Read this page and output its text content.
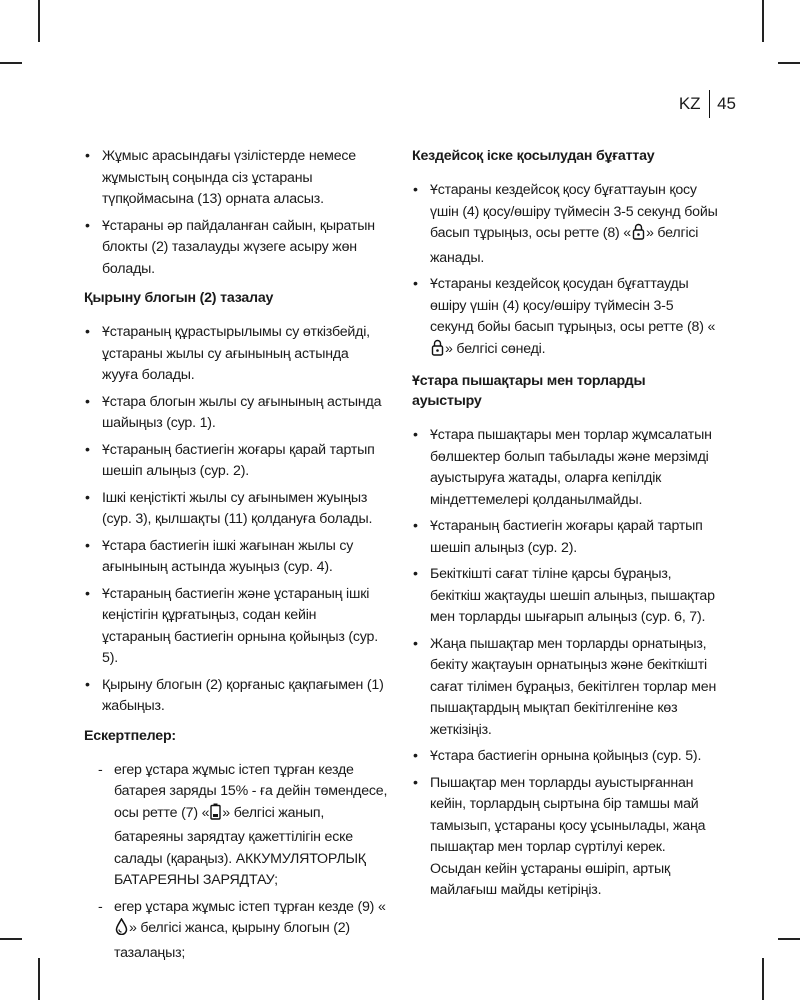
KZ 45
• Жұмыс арасындағы үзілістерде немесе жұмыстың соңында сіз ұстараны түпқоймасына (13) орната аласыз.
• Ұстараны әр пайдаланған сайын, қыратын блокты (2) тазалауды жүзеге асыру жөн болады.
Қырыну блогын (2) тазалау
• Ұстараның құрастырылымы су өткізбейді, ұстараны жылы су ағынының астында жууға болады.
• Ұстара блогын жылы су ағынының астында шайыңыз (сур. 1).
• Ұстараның бастиегін жоғары қарай тартып шешіп алыңыз (сур. 2).
• Ішкі кеңістікті жылы су ағынымен жуыңыз (сур. 3), қылшақты (11) қолдануға болады.
• Ұстара бастиегін ішкі жағынан жылы су ағынының астында жуыңыз (сур. 4).
• Ұстараның бастиегін және ұстараның ішкі кеңістігін құрғатыңыз, содан кейін ұстараның бастиегін орнына қойыңыз (сур. 5).
• Қырыну блогын (2) қорғаныс қақпағымен (1) жабыңыз.
Ескертпелер:
- егер ұстара жұмыс істеп тұрған кезде батарея заряды 15% - ға дейін төмендесе, осы ретте (7) « » белгісі жанып, батареяны зарядтау қажеттілігін еске салады (қараңыз). АККУМУЛЯТОРЛЫҚ БАТАРЕЯНЫ ЗАРЯДТАУ;
- егер ұстара жұмыс істеп тұрған кезде (9) «» белгісі жанса, қырыну блогын (2) тазалаңыз;
Кездейсоқ іске қосылудан бұғаттау
• Ұстараны кездейсоқ қосу бұғаттауын қосу үшін (4) қосу/өшіру түймесін 3-5 секунд бойы басып тұрыңыз, осы ретте (8) « » белгісі жанады.
• Ұстараны кездейсоқ қосудан бұғаттауды өшіру үшін (4) қосу/өшіру түймесін 3-5 секунд бойы басып тұрыңыз, осы ретте (8) «» белгісі сөнеді.
Ұстара пышақтары мен торларды ауыстыру
• Ұстара пышақтары мен торлар жұмсалатын бөлшектер болып табылады және мерзімді ауыстыруға жатады, оларға кепілдік міндеттемелері қолданылмайды.
• Ұстараның бастиегін жоғары қарай тартып шешіп алыңыз (сур. 2).
• Бекіткішті сағат тіліне қарсы бұраңыз, бекіткіш жақтауды шешіп алыңыз, пышақтар мен торларды шығарып алыңыз (сур. 6, 7).
• Жаңа пышақтар мен торларды орнатыңыз, бекіту жақтауын орнатыңыз және бекіткішті сағат тілімен бұраңыз, бекітілген торлар мен пышақтардың мықтап бекітілгеніне көз жеткізіңіз.
• Ұстара бастиегін орнына қойыңыз (сур. 5).
• Пышақтар мен торларды ауыстырғаннан кейін, торлардың сыртына бір тамшы май тамызып, ұстараны қосу ұсынылады, жаңа пышақтар мен торлар сүртілуі керек. Осыдан кейін ұстараны өшіріп, артық майлағыш майды кетіріңіз.
